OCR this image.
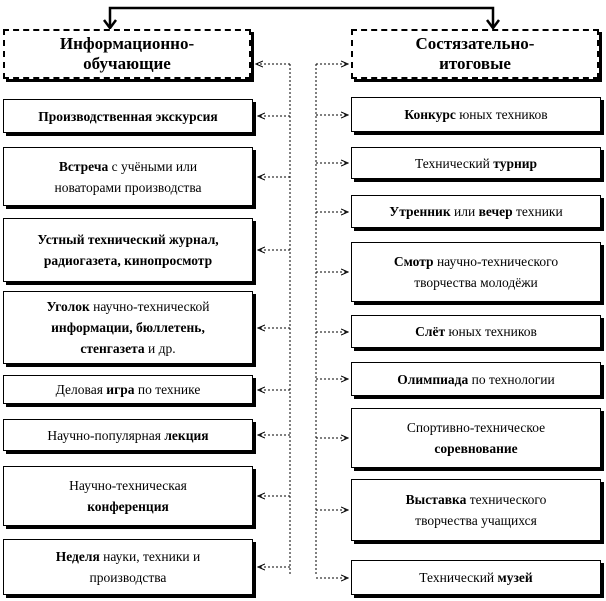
Информационно-
обучающие
Состязательно-
итоговые
Производственная экскурсия
Встреча с учёными или
новаторами производства
Устный технический журнал,
радиогазета, кинопросмотр
Уголок научно-технической
информации, бюллетень,
стенгазета и др.
Деловая игра по технике
Научно-популярная лекция
Научно-техническая
конференция
Неделя науки, техники и
производства
Конкурс юных техников
Технический турнир
Утренник или вечер техники
Смотр научно-технического
творчества молодёжи
Слёт юных техников
Олимпиада по технологии
Спортивно-техническое
соревнование
Выставка технического
творчества учащихся
Технический музей
